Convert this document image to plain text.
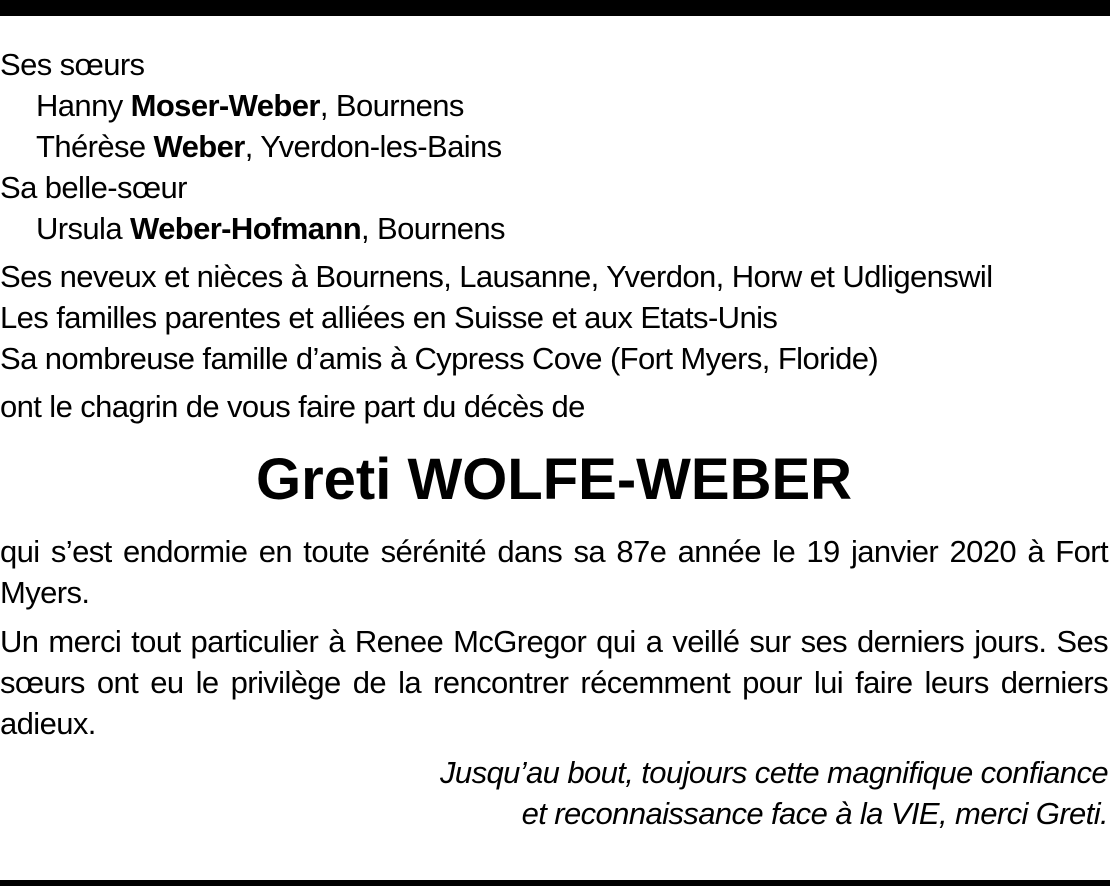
Ses sœurs

Hanny Moser-Weber, Bournens

Thérèse Weber, Yverdon-les-Bains

Sa belle-sœur

Ursula Weber-Hofmann, Bournens

Ses neveux et nièces à Bournens, Lausanne, Yverdon, Horw et Udligenswil

Les familles parentes et alliées en Suisse et aux Etats-Unis

Sa nombreuse famille d’amis à Cypress Cove (Fort Myers, Floride)

ont le chagrin de vous faire part du décès de

Greti WOLFE-WEBER

qui s’est endormie en toute sérénité dans sa 87e année le 19 janvier 2020 à Fort Myers.

Un merci tout particulier à Renee McGregor qui a veillé sur ses derniers jours. Ses sœurs ont eu le privilège de la rencontrer récemment pour lui faire leurs derniers adieux.

Jusqu’au bout, toujours cette magnifique confiance

et reconnaissance face à la VIE, merci Greti.
